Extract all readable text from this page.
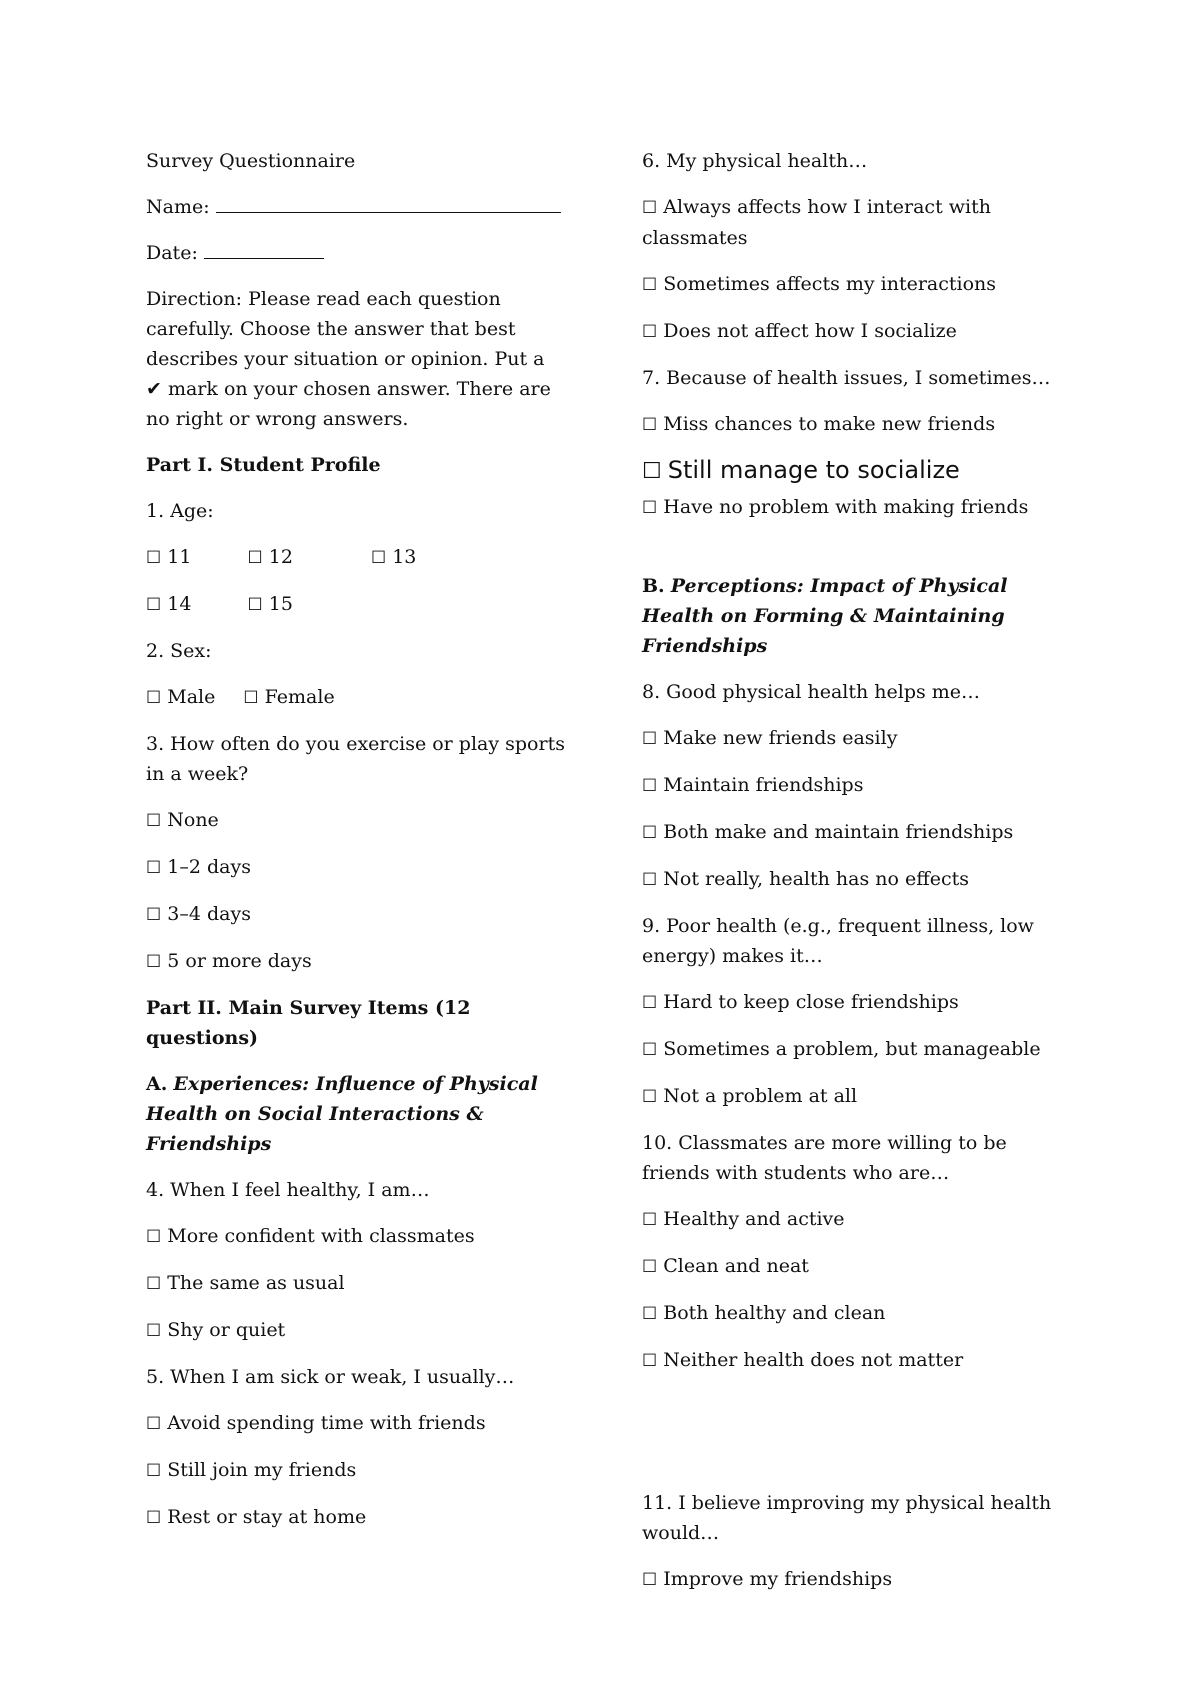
Survey Questionnaire

Name:

Date:

Direction: Please read each question carefully. Choose the answer that best describes your situation or opinion. Put a ✔ mark on your chosen answer. There are no right or wrong answers.

Part I. Student Profile

1. Age:

☐ 11	☐ 12	☐ 13

☐ 14	☐ 15

2. Sex:

☐ Male ☐ Female

3. How often do you exercise or play sports in a week?

☐ None

☐ 1–2 days

☐ 3–4 days

☐ 5 or more days

Part II. Main Survey Items (12 questions)

A. Experiences: Influence of Physical Health on Social Interactions & Friendships

4. When I feel healthy, I am…

☐ More confident with classmates

☐ The same as usual

☐ Shy or quiet

5. When I am sick or weak, I usually…

☐ Avoid spending time with friends

☐ Still join my friends

☐ Rest or stay at home

6. My physical health…

☐ Always affects how I interact with classmates

☐ Sometimes affects my interactions

☐ Does not affect how I socialize

7. Because of health issues, I sometimes…

☐ Miss chances to make new friends

☐ Still manage to socialize

☐ Have no problem with making friends

B. Perceptions: Impact of Physical Health on Forming & Maintaining Friendships

8. Good physical health helps me…

☐ Make new friends easily

☐ Maintain friendships

☐ Both make and maintain friendships

☐ Not really, health has no effects

9. Poor health (e.g., frequent illness, low energy) makes it…

☐ Hard to keep close friendships

☐ Sometimes a problem, but manageable

☐ Not a problem at all

10. Classmates are more willing to be friends with students who are…

☐ Healthy and active

☐ Clean and neat

☐ Both healthy and clean

☐ Neither health does not matter

11. I believe improving my physical health would…

☐ Improve my friendships
